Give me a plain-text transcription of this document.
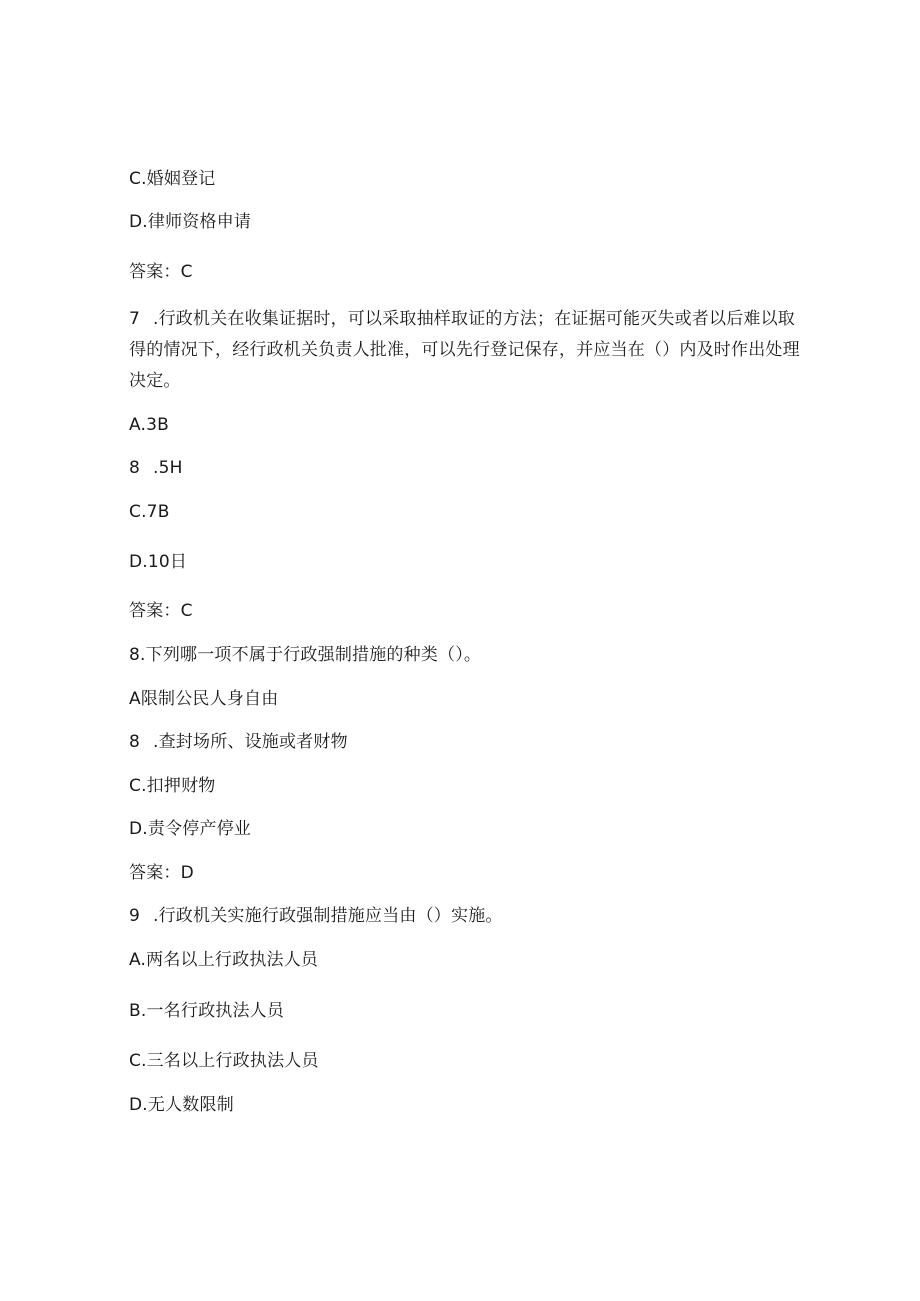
C.婚姻登记
D.律师资格申请
答案：C
7 .行政机关在收集证据时，可以采取抽样取证的方法；在证据可能灭失或者以后难以取
得的情况下，经行政机关负责人批准，可以先行登记保存，并应当在（）内及时作出处理
决定。
A.3B
8 .5H
C.7B
D.10日
答案：C
8.下列哪一项不属于行政强制措施的种类（）。
A限制公民人身自由
8 .查封场所、设施或者财物
C.扣押财物
D.责令停产停业
答案：D
9 .行政机关实施行政强制措施应当由（）实施。
A.两名以上行政执法人员
B.一名行政执法人员
C.三名以上行政执法人员
D.无人数限制
